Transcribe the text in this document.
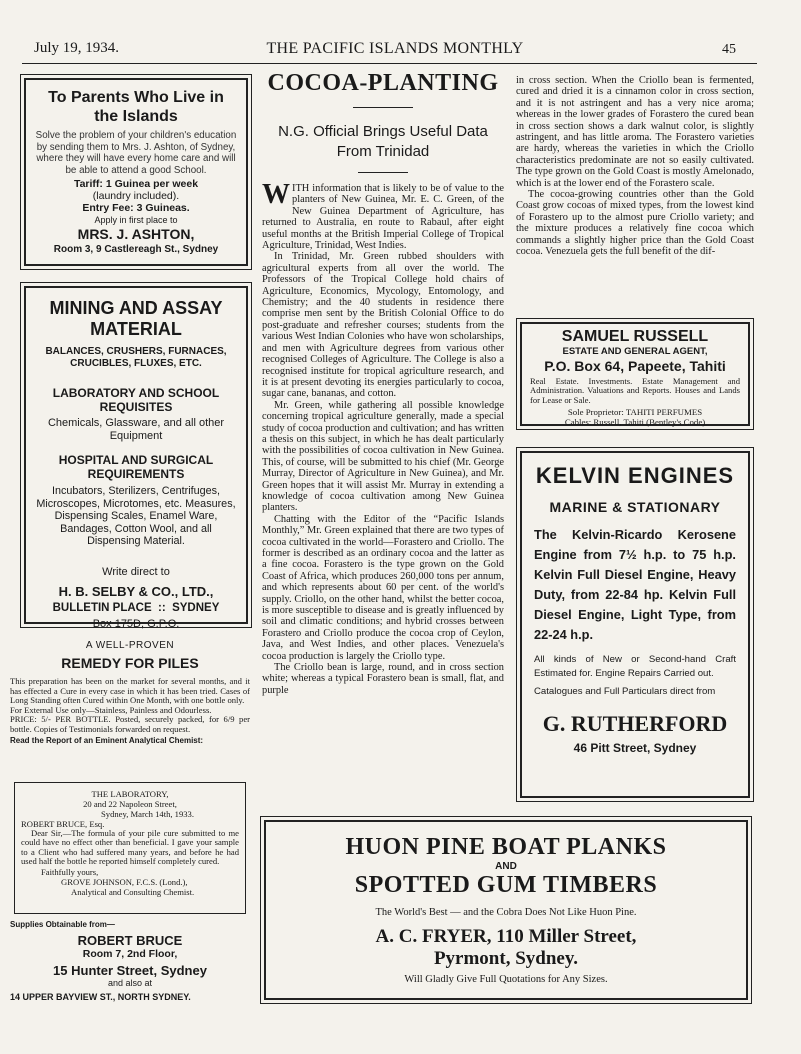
July 19, 1934.	THE PACIFIC ISLANDS MONTHLY	45
To Parents Who Live in the Islands

Solve the problem of your children's education by sending them to Mrs. J. Ashton, of Sydney, where they will have every home care and will be able to attend a good School.

Tariff: 1 Guinea per week
(laundry included).
Entry Fee: 3 Guineas.
Apply in first place to
MRS. J. ASHTON,
Room 3, 9 Castlereagh St., Sydney
MINING AND ASSAY MATERIAL
BALANCES, CRUSHERS, FURNACES, CRUCIBLES, FLUXES, ETC.
LABORATORY AND SCHOOL REQUISITES
Chemicals, Glassware, and all other Equipment
HOSPITAL AND SURGICAL REQUIREMENTS
Incubators, Sterilizers, Centrifuges, Microscopes, Microtomes, etc. Measures, Dispensing Scales, Enamel Ware, Bandages, Cotton Wool, and all Dispensing Material.
Write direct to
H. B. SELBY & CO., LTD.,
BULLETIN PLACE  ::  SYDNEY
Box 175D, G.P.O.
A WELL-PROVEN
REMEDY FOR PILES

This preparation has been on the market for several months, and it has effected a Cure in every case in which it has been tried. Cases of Long Standing often Cured within One Month, with one bottle only.

For External Use only—Stainless, Painless and Odourless.

PRICE: 5/- PER BOTTLE. Posted, securely packed, for 6/9 per bottle. Copies of Testimonials forwarded on request.

Read the Report of an Eminent Analytical Chemist:
THE LABORATORY,
20 and 22 Napoleon Street,
Sydney, March 14th, 1933.
ROBERT BRUCE, Esq.

Dear Sir,—The formula of your pile cure submitted to me could have no effect other than beneficial. I gave your sample to a Client who had suffered many years, and before he had used half the bottle he reported himself completely cured.

Faithfully yours,
GROVE JOHNSON, F.C.S. (Lond.),
Analytical and Consulting Chemist.
Supplies Obtainable from—
ROBERT BRUCE
Room 7, 2nd Floor,
15 Hunter Street, Sydney
and also at
14 UPPER BAYVIEW ST., NORTH SYDNEY.
COCOA-PLANTING
N.G. Official Brings Useful Data From Trinidad

WITH information that is likely to be of value to the planters of New Guinea, Mr. E. C. Green, of the New Guinea Department of Agriculture, has returned to Australia, en route to Rabaul, after eight useful months at the British Imperial College of Tropical Agriculture, Trinidad, West Indies.

In Trinidad, Mr. Green rubbed shoulders with agricultural experts from all over the world. The Professors of the Tropical College hold chairs of Agriculture, Economics, Mycology, Entomology, and Chemistry; and the 40 students in residence there comprise men sent by the British Colonial Office to do post-graduate and refresher courses; students from the various West Indian Colonies who have won scholarships, and men with Agriculture degrees from various other recognised Colleges of Agriculture. The College is also a recognised institute for tropical agriculture research, and it is at present devoting its energies particularly to cocoa, sugar cane, bananas, and cotton.

Mr. Green, while gathering all possible knowledge concerning tropical agriculture generally, made a special study of cocoa production and cultivation; and has written a thesis on this subject, in which he has dealt particularly with the possibilities of cocoa cultivation in New Guinea. This, of course, will be submitted to his chief (Mr. George Murray, Director of Agriculture in New Guinea), and Mr. Green hopes that it will assist Mr. Murray in extending a knowledge of cocoa cultivation among New Guinea planters.

Chatting with the Editor of the “Pacific Islands Monthly,” Mr. Green explained that there are two types of cocoa cultivated in the world—Forastero and Criollo. The former is described as an ordinary cocoa and the latter as a fine cocoa. Forastero is the type grown on the Gold Coast of Africa, which produces 260,000 tons per annum, and which represents about 60 per cent. of the world's supply. Criollo, on the other hand, whilst the better cocoa, is more susceptible to disease and is greatly influenced by soil and climatic conditions; and hybrid crosses between Forastero and Criollo produce the cocoa crop of Ceylon, Java, and West Indies, and other places. Venezuela's cocoa production is largely the Criollo type.

The Criollo bean is large, round, and in cross section white; whereas a typical Forastero bean is small, flat, and purple

in cross section. When the Criollo bean is fermented, cured and dried it is a cinnamon color in cross section, and it is not astringent and has a very nice aroma; whereas in the lower grades of Forastero the cured bean in cross section shows a dark walnut color, is slightly astringent, and has little aroma. The Forastero varieties are hardy, whereas the varieties in which the Criollo characteristics predominate are not so easily cultivated. The type grown on the Gold Coast is mostly Amelonado, which is at the lower end of the Forastero scale.

The cocoa-growing countries other than the Gold Coast grow cocoas of mixed types, from the lowest kind of Forastero up to the almost pure Criollo variety; and the mixture produces a relatively fine cocoa which commands a slightly higher price than the Gold Coast cocoa. Venezuela gets the full benefit of the dif-

SAMUEL RUSSELL
ESTATE AND GENERAL AGENT,
P.O. Box 64, Papeete, Tahiti

Real Estate. Investments. Estate Management and Administration. Valuations and Reports. Houses and Lands for Lease or Sale.

Sole Proprietor: TAHITI PERFUMES
Cables: Russell, Tahiti (Bentley's Code)
KELVIN ENGINES
MARINE & STATIONARY

The Kelvin-Ricardo Kerosene Engine from 7½ h.p. to 75 h.p. Kelvin Full Diesel Engine, Heavy Duty, from 22-84 hp. Kelvin Full Diesel Engine, Light Type, from 22-24 h.p.

All kinds of New or Second-hand Craft Estimated for. Engine Repairs Carried out.

Catalogues and Full Particulars direct from

G. RUTHERFORD
46 Pitt Street, Sydney
HUON PINE BOAT PLANKS
AND
SPOTTED GUM TIMBERS
The World's Best — and the Cobra Does Not Like Huon Pine.
A. C. FRYER, 110 Miller Street,
Pyrmont, Sydney.
Will Gladly Give Full Quotations for Any Sizes.
